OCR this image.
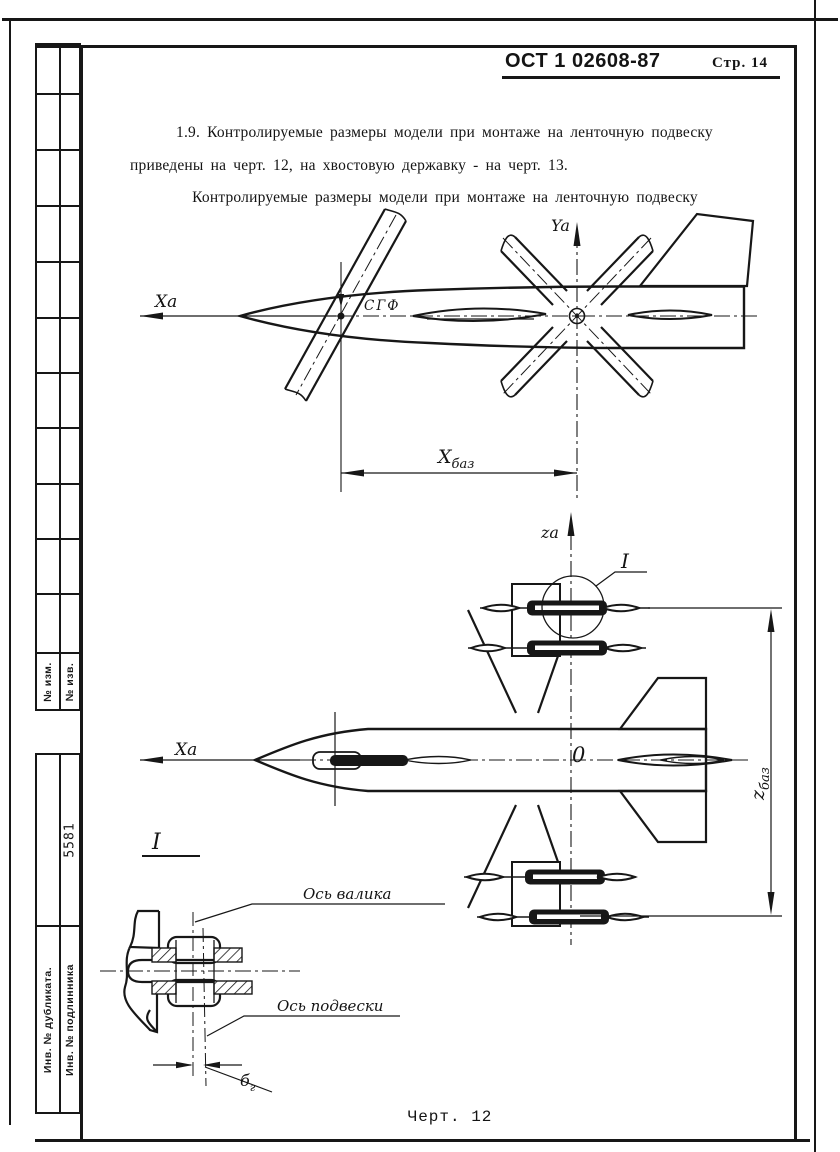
№ изм. № изв.
5581
Инв. № дубликата. Инв. № подлинника
ОСТ 1 02608-87	Стр. 14
1.9. Контролируемые размеры модели при монтаже на ленточную подвеску
приведены на черт. 12, на хвостовую державку - на черт. 13.
Контролируемые размеры модели при монтаже на ленточную подвеску
Xa
Ya
СГФ
$X_{баз}$
Xa
za
I
0
$z_{баз}$
I
Ось валика
Ось подвески
$б_г$
Черт. 12
